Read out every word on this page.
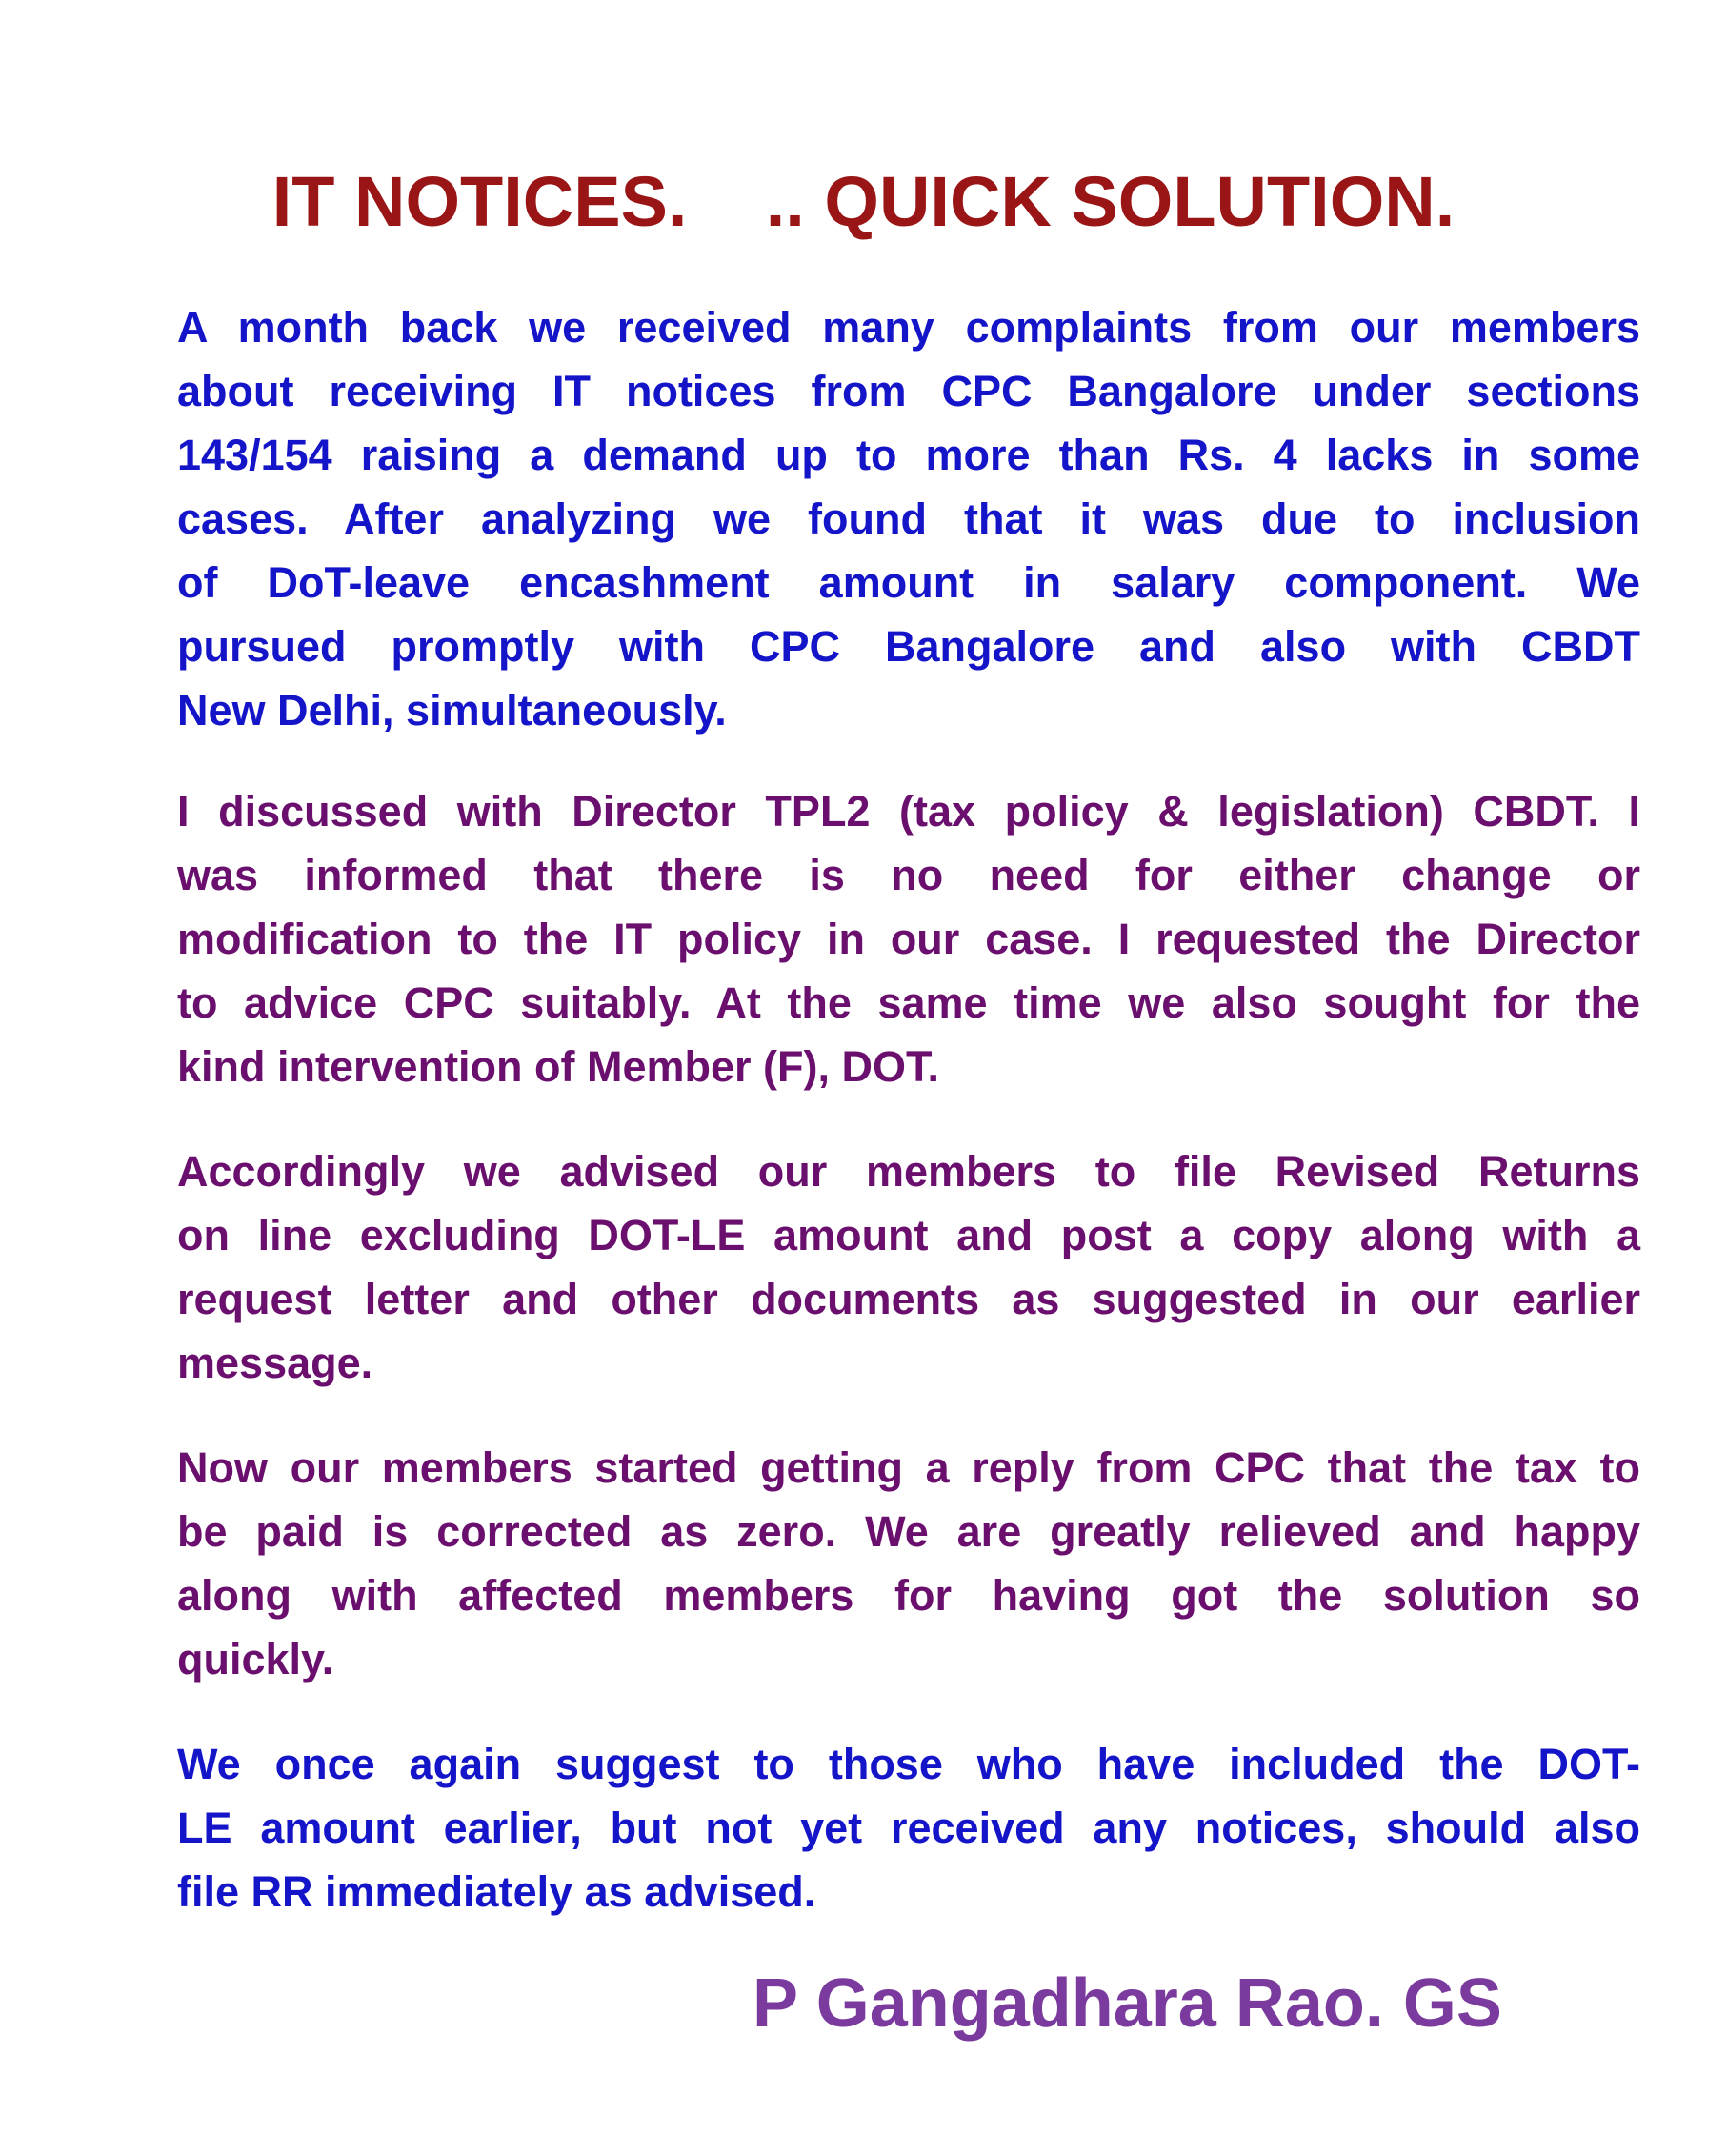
IT NOTICES.    .. QUICK SOLUTION.
A month back we received many complaints from our members
about receiving IT notices from CPC Bangalore under sections
143/154 raising a demand up to more than Rs. 4 lacks in some
cases. After analyzing we found that it was due to inclusion
of DoT-leave encashment amount in salary component. We
pursued promptly with CPC Bangalore and also with CBDT
New Delhi, simultaneously.
I discussed with Director TPL2 (tax policy & legislation) CBDT. I
was informed that there is no need for either change or
modification to the IT policy in our case. I requested the Director
to advice CPC suitably. At the same time we also sought for the
kind intervention of Member (F), DOT.
Accordingly we advised our members to file Revised Returns
on line excluding DOT-LE amount and post a copy along with a
request letter and other documents as suggested in our earlier
message.
Now our members started getting a reply from CPC that the tax to
be paid is corrected as zero. We are greatly relieved and happy
along with affected members for having got the solution so
quickly.
We once again suggest to those who have included the DOT-
LE amount earlier, but not yet received any notices, should also
file RR immediately as advised.

P Gangadhara Rao. GS
